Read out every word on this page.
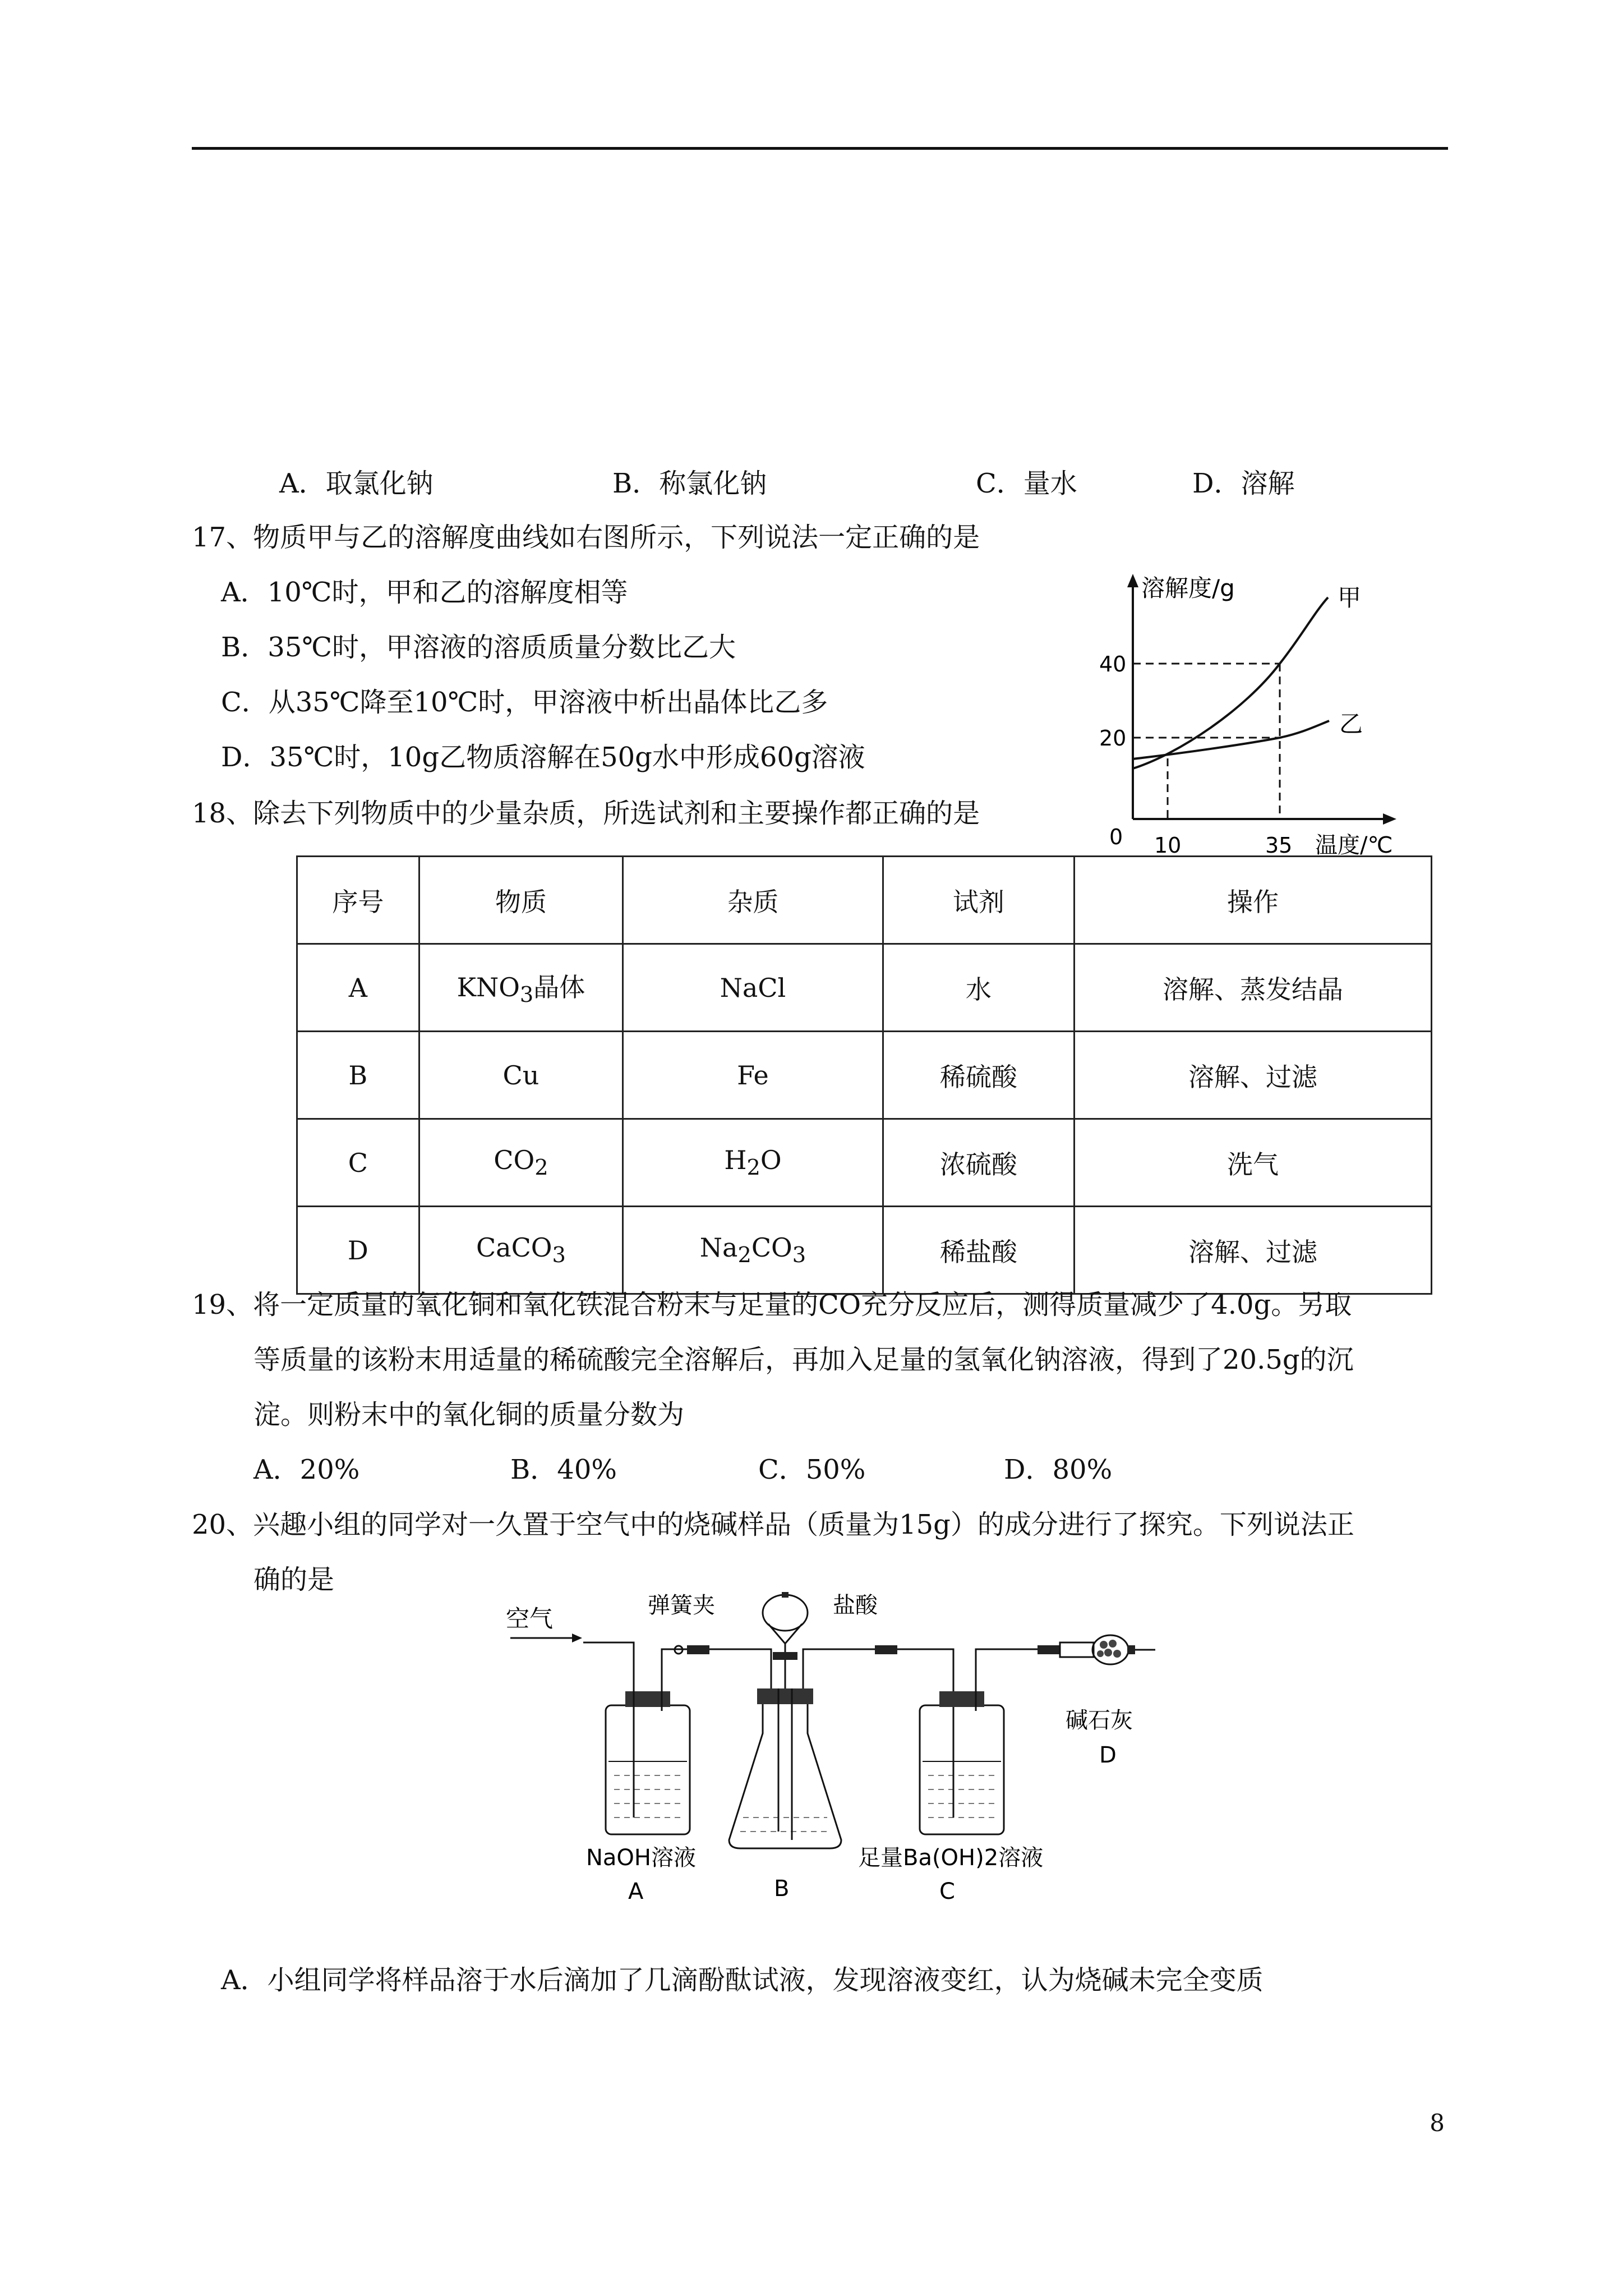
A．取氯化钠	B．称氯化钠	C．量水	D．溶解
17、物质甲与乙的溶解度曲线如右图所示，下列说法一定正确的是
A．10℃时，甲和乙的溶解度相等
B．35℃时，甲溶液的溶质质量分数比乙大
C．从35℃降至10℃时，甲溶液中析出晶体比乙多
D．35℃时，10g乙物质溶解在50g水中形成60g溶液
溶解度/g	甲
乙
40
20
0 10	35 温度/℃
18、除去下列物质中的少量杂质，所选试剂和主要操作都正确的是
序号	物质	杂质	试剂	操作
A	$KNO_3$晶体	NaCl	水	溶解、蒸发结晶
B	Cu	Fe	稀硫酸	溶解、过滤
C	$CO_2$	$H_2O$	浓硫酸	洗气
D	CaCO$_3$	$Na_2CO_3$	稀盐酸	溶解、过滤
19、将一定质量的氧化铜和氧化铁混合粉末与足量的CO充分反应后，测得质量减少了4.0g。另取
等质量的该粉末用适量的稀硫酸完全溶解后，再加入足量的氢氧化钠溶液，得到了20.5g的沉
淀。则粉末中的氧化铜的质量分数为
A．20%	B．40%	C．50%	D．80%
20、兴趣小组的同学对一久置于空气中的烧碱样品（质量为15g）的成分进行了探究。下列说法正
确的是
空气	弹簧夹	盐酸
碱石灰
D
NaOH溶液
A	B
足量Ba(OH)2溶液
C
A．小组同学将样品溶于水后滴加了几滴酚酞试液，发现溶液变红，认为烧碱未完全变质
8
